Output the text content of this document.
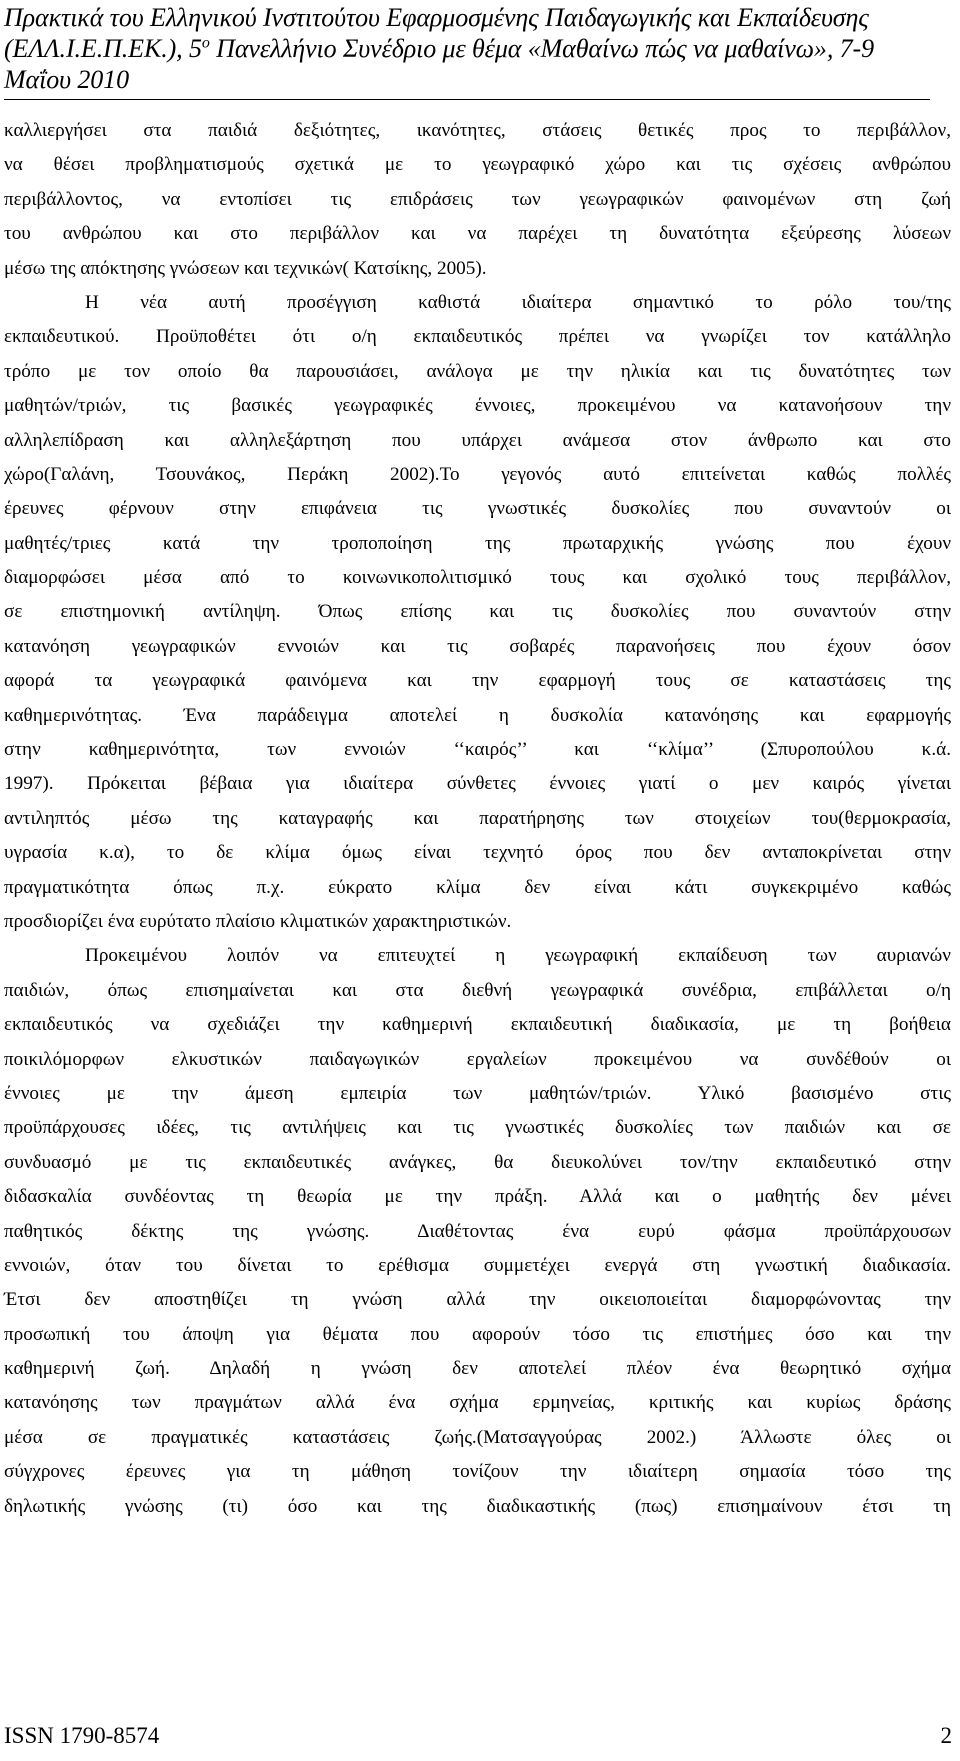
Πρακτικά του Ελληνικού Ινστιτούτου Εφαρμοσμένης Παιδαγωγικής και Εκπαίδευσης
(ΕΛΛ.Ι.Ε.Π.ΕΚ.), $5^o$ Πανελλήνιο Συνέδριο με θέμα «Μαθαίνω πώς να μαθαίνω», 7-9
Μαΐου 2010
καλλιεργήσει στα παιδιά δεξιότητες, ικανότητες, στάσεις θετικές προς το περιβάλλον,
να θέσει προβληματισμούς σχετικά με το γεωγραφικό χώρο και τις σχέσεις ανθρώπου
περιβάλλοντος, να εντοπίσει τις επιδράσεις των γεωγραφικών φαινομένων στη ζωή
του ανθρώπου και στο περιβάλλον και να παρέχει τη δυνατότητα εξεύρεσης λύσεων
μέσω της απόκτησης γνώσεων και τεχνικών( Κατσίκης, 2005).
Η νέα αυτή προσέγγιση καθιστά ιδιαίτερα σημαντικό το ρόλο του/της
εκπαιδευτικού. Προϋποθέτει ότι ο/η εκπαιδευτικός πρέπει να γνωρίζει τον κατάλληλο
τρόπο με τον οποίο θα παρουσιάσει, ανάλογα με την ηλικία και τις δυνατότητες των
μαθητών/τριών, τις βασικές γεωγραφικές έννοιες, προκειμένου να κατανοήσουν την
αλληλεπίδραση και αλληλεξάρτηση που υπάρχει ανάμεσα στον άνθρωπο και στο
χώρο(Γαλάνη, Τσουνάκος, Περάκη 2002).Το γεγονός αυτό επιτείνεται καθώς πολλές
έρευνες φέρνουν στην επιφάνεια τις γνωστικές δυσκολίες που συναντούν οι
μαθητές/τριες κατά την τροποποίηση της πρωταρχικής γνώσης που έχουν
διαμορφώσει μέσα από το κοινωνικοπολιτισμικό τους και σχολικό τους περιβάλλον,
σε επιστημονική αντίληψη. Όπως επίσης και τις δυσκολίες που συναντούν στην
κατανόηση γεωγραφικών εννοιών και τις σοβαρές παρανοήσεις που έχουν όσον
αφορά τα γεωγραφικά φαινόμενα και την εφαρμογή τους σε καταστάσεις της
καθημερινότητας. Ένα παράδειγμα αποτελεί η δυσκολία κατανόησης και εφαρμογής
στην καθημερινότητα, των εννοιών ‘‘καιρός’’ και ‘‘κλίμα’’ (Σπυροπούλου κ.ά.
1997). Πρόκειται βέβαια για ιδιαίτερα σύνθετες έννοιες γιατί ο μεν καιρός γίνεται
αντιληπτός μέσω της καταγραφής και παρατήρησης των στοιχείων του(θερμοκρασία,
υγρασία κ.α), το δε κλίμα όμως είναι τεχνητό όρος που δεν ανταποκρίνεται στην
πραγματικότητα όπως π.χ. εύκρατο κλίμα δεν είναι κάτι συγκεκριμένο καθώς
προσδιορίζει ένα ευρύτατο πλαίσιο κλιματικών χαρακτηριστικών.
Προκειμένου λοιπόν να επιτευχτεί η γεωγραφική εκπαίδευση των αυριανών
παιδιών, όπως επισημαίνεται και στα διεθνή γεωγραφικά συνέδρια, επιβάλλεται ο/η
εκπαιδευτικός να σχεδιάζει την καθημερινή εκπαιδευτική διαδικασία, με τη βοήθεια
ποικιλόμορφων ελκυστικών παιδαγωγικών εργαλείων προκειμένου να συνδέθούν οι
έννοιες με την άμεση εμπειρία των μαθητών/τριών. Υλικό βασισμένο στις
προϋπάρχουσες ιδέες, τις αντιλήψεις και τις γνωστικές δυσκολίες των παιδιών και σε
συνδυασμό με τις εκπαιδευτικές ανάγκες, θα διευκολύνει τον/την εκπαιδευτικό στην
διδασκαλία συνδέοντας τη θεωρία με την πράξη. Αλλά και ο μαθητής δεν μένει
παθητικός δέκτης της γνώσης. Διαθέτοντας ένα ευρύ φάσμα προϋπάρχουσων
εννοιών, όταν του δίνεται το ερέθισμα συμμετέχει ενεργά στη γνωστική διαδικασία.
Έτσι δεν αποστηθίζει τη γνώση αλλά την οικειοποιείται διαμορφώνοντας την
προσωπική του άποψη για θέματα που αφορούν τόσο τις επιστήμες όσο και την
καθημερινή ζωή. Δηλαδή η γνώση δεν αποτελεί πλέον ένα θεωρητικό σχήμα
κατανόησης των πραγμάτων αλλά ένα σχήμα ερμηνείας, κριτικής και κυρίως δράσης
μέσα σε πραγματικές καταστάσεις ζωής.(Ματσαγγούρας 2002.) Άλλωστε όλες οι
σύγχρονες έρευνες για τη μάθηση τονίζουν την ιδιαίτερη σημασία τόσο της
δηλωτικής γνώσης (τι) όσο και της διαδικαστικής (πως) επισημαίνουν έτσι τη
ISSN 1790-8574	2
